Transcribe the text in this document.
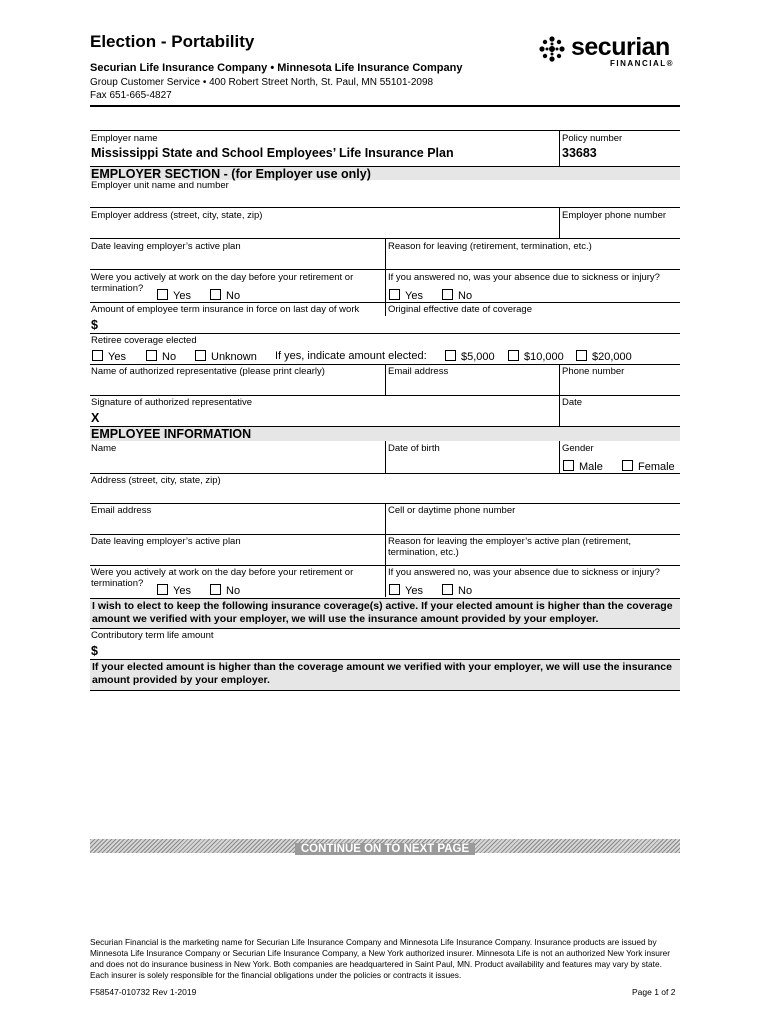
Election - Portability
Securian Life Insurance Company • Minnesota Life Insurance Company
Group Customer Service • 400 Robert Street North, St. Paul, MN 55101-2098
Fax 651-665-4827
securian
FINANCIAL®
Employer name
Mississippi State and School Employees’ Life Insurance Plan
Policy number
33683
EMPLOYER SECTION - (for Employer use only)
Employer unit name and number
Employer address (street, city, state, zip)	Employer phone number
Date leaving employer’s active plan	Reason for leaving (retirement, termination, etc.)
Were you actively at work on the day before your retirement or
termination?
Yes	No
If you answered no, was your absence due to sickness or injury?
Yes	No
Amount of employee term insurance in force on last day of work	Original effective date of coverage
$
Retiree coverage elected
Yes	No	Unknown If yes, indicate amount elected:	$5,000	$10,000	$20,000
Name of authorized representative (please print clearly)	Email address	Phone number
Signature of authorized representative	Date
X
EMPLOYEE INFORMATION
Name	Date of birth	Gender
Male	Female
Address (street, city, state, zip)
Email address	Cell or daytime phone number
Date leaving employer’s active plan	Reason for leaving the employer’s active plan (retirement,
termination, etc.)
Were you actively at work on the day before your retirement or
termination?
Yes	No
If you answered no, was your absence due to sickness or injury?
Yes	No
I wish to elect to keep the following insurance coverage(s) active. If your elected amount is higher than the coverage amount we verified with your employer, we will use the insurance amount provided by your employer.
Contributory term life amount
$
If your elected amount is higher than the coverage amount we verified with your employer, we will use the insurance amount provided by your employer.
CONTINUE ON TO NEXT PAGE
Securian Financial is the marketing name for Securian Life Insurance Company and Minnesota Life Insurance Company. Insurance products are issued by Minnesota Life Insurance Company or Securian Life Insurance Company, a New York authorized insurer. Minnesota Life is not an authorized New York insurer and does not do insurance business in New York. Both companies are headquartered in Saint Paul, MN. Product availability and features may vary by state. Each insurer is solely responsible for the financial obligations under the policies or contracts it issues.
F58547-010732 Rev 1-2019	Page 1 of 2
